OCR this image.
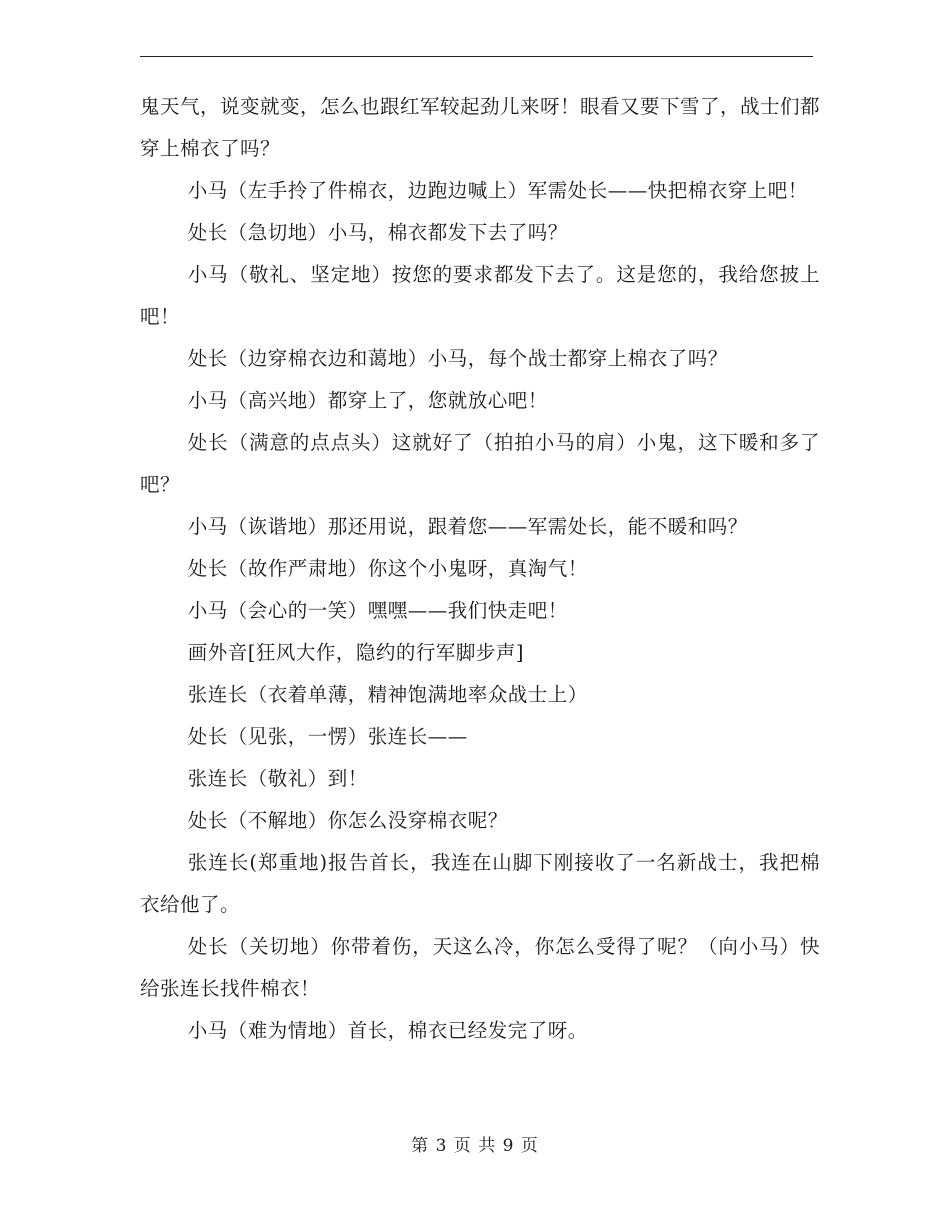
鬼天气，说变就变，怎么也跟红军较起劲儿来呀！眼看又要下雪了，战士们都穿上棉衣了吗？

小马（左手拎了件棉衣，边跑边喊上）军需处长——快把棉衣穿上吧！

处长（急切地）小马，棉衣都发下去了吗？

小马（敬礼、坚定地）按您的要求都发下去了。这是您的，我给您披上吧！

处长（边穿棉衣边和蔼地）小马，每个战士都穿上棉衣了吗？

小马（高兴地）都穿上了，您就放心吧！

处长（满意的点点头）这就好了（拍拍小马的肩）小鬼，这下暖和多了吧？

小马（诙谐地）那还用说，跟着您——军需处长，能不暖和吗？

处长（故作严肃地）你这个小鬼呀，真淘气！

小马（会心的一笑）嘿嘿——我们快走吧！

画外音[狂风大作，隐约的行军脚步声]

张连长（衣着单薄，精神饱满地率众战士上）

处长（见张，一愣）张连长——

张连长（敬礼）到！

处长（不解地）你怎么没穿棉衣呢？

张连长(郑重地)报告首长，我连在山脚下刚接收了一名新战士，我把棉衣给他了。

处长（关切地）你带着伤，天这么冷，你怎么受得了呢？（向小马）快给张连长找件棉衣！

小马（难为情地）首长，棉衣已经发完了呀。

第 3 页 共 9 页
